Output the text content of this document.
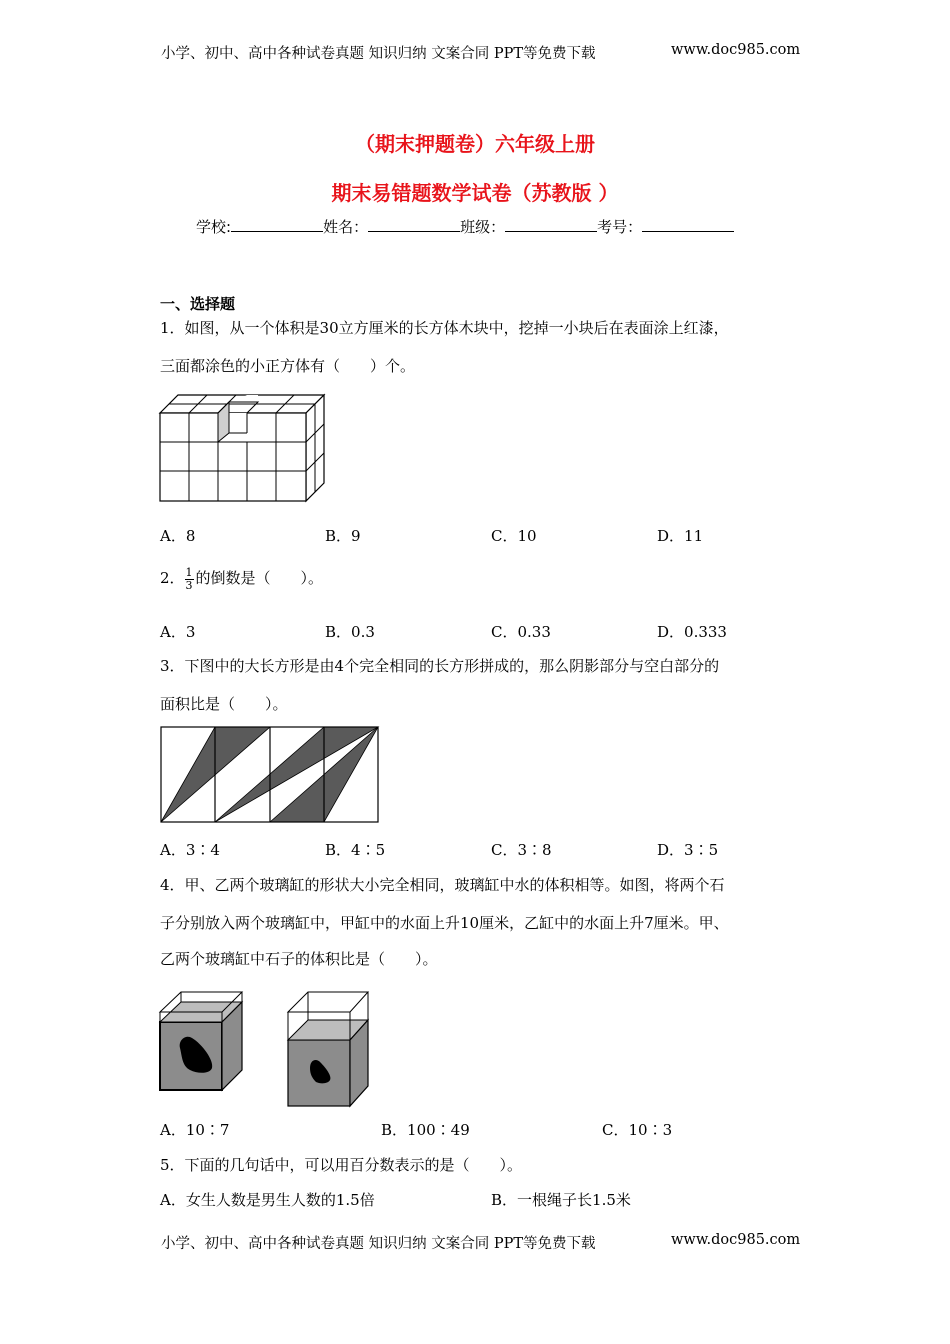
小学、初中、高中各种试卷真题 知识归纳 文案合同 PPT等免费下载	www.doc985.com
（期末押题卷）六年级上册
期末易错题数学试卷（苏教版 ）
学校:	姓名：	班级：	考号：
一、选择题
1．如图，从一个体积是30立方厘米的长方体木块中，挖掉一小块后在表面涂上红漆，
三面都涂色的小正方体有（　　）个。
A．8	B．9	C．10	D．11
2． $\frac{1}{3}$ 的倒数是（　　）。
A．3	B．0.3	C．0.33	D．0.333
3．下图中的大长方形是由4个完全相同的长方形拼成的，那么阴影部分与空白部分的
面积比是（　　）。
A．3∶4	B．4∶5	C．3∶8	D．3∶5
4．甲、乙两个玻璃缸的形状大小完全相同，玻璃缸中水的体积相等。如图，将两个石
子分别放入两个玻璃缸中，甲缸中的水面上升10厘米，乙缸中的水面上升7厘米。甲、
乙两个玻璃缸中石子的体积比是（　　）。
A．10∶7	B．100∶49	C．10∶3
5．下面的几句话中，可以用百分数表示的是（　　）。
A．女生人数是男生人数的1.5倍	B．一根绳子长1.5米
小学、初中、高中各种试卷真题 知识归纳 文案合同 PPT等免费下载	www.doc985.com
